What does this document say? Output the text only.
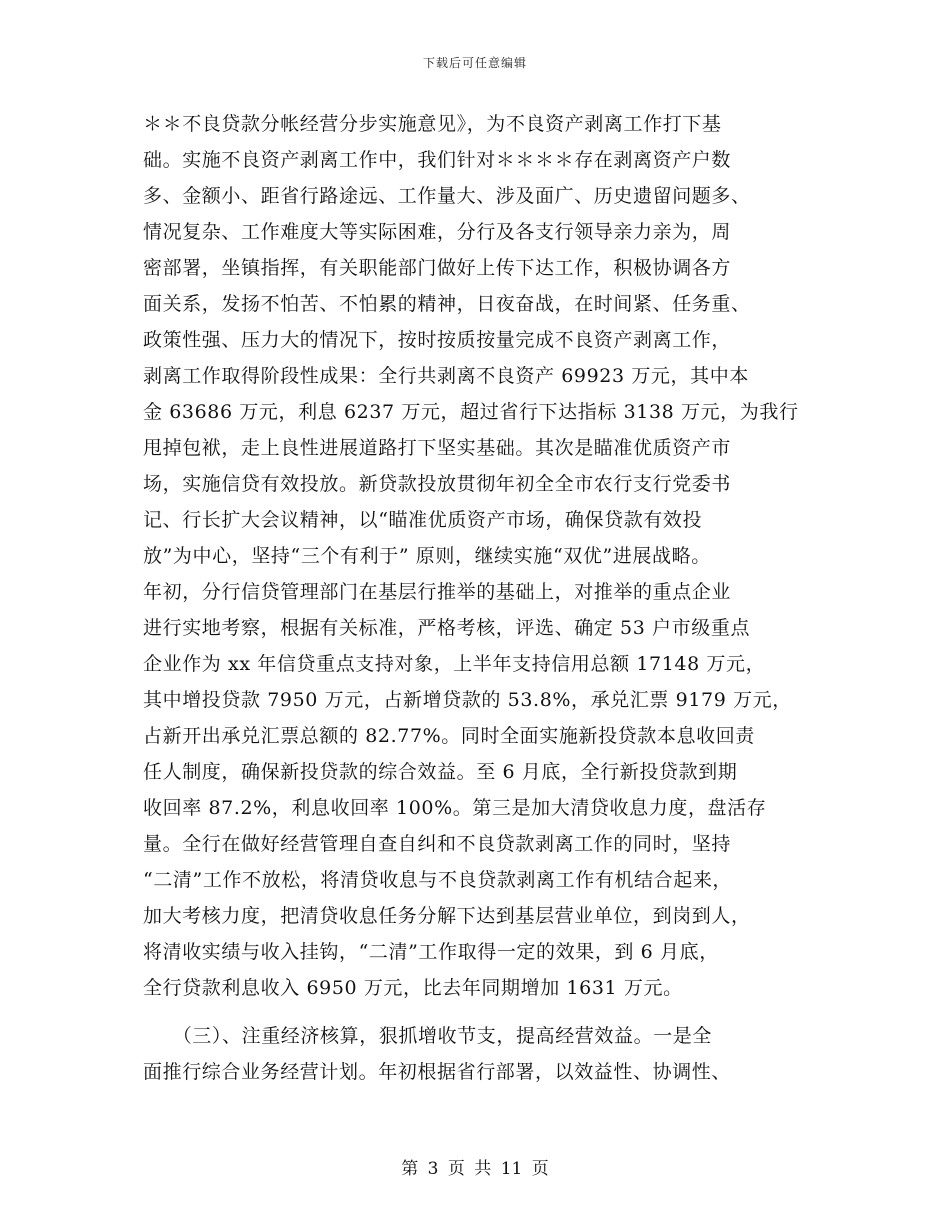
下载后可任意编辑
＊＊不良贷款分帐经营分步实施意见》，为不良资产剥离工作打下基
础。实施不良资产剥离工作中，我们针对＊＊＊＊存在剥离资产户数
多、金额小、距省行路途远、工作量大、涉及面广、历史遗留问题多、
情况复杂、工作难度大等实际困难，分行及各支行领导亲力亲为，周
密部署，坐镇指挥，有关职能部门做好上传下达工作，积极协调各方
面关系，发扬不怕苦、不怕累的精神，日夜奋战，在时间紧、任务重、
政策性强、压力大的情况下，按时按质按量完成不良资产剥离工作，
剥离工作取得阶段性成果：全行共剥离不良资产 69923 万元，其中本
金 63686 万元，利息 6237 万元，超过省行下达指标 3138 万元，为我行
甩掉包袱，走上良性进展道路打下坚实基础。其次是瞄准优质资产市
场，实施信贷有效投放。新贷款投放贯彻年初全全市农行支行党委书
记、行长扩大会议精神，以“瞄准优质资产市场，确保贷款有效投
放”为中心，坚持“三个有利于” 原则，继续实施“双优”进展战略。
年初，分行信贷管理部门在基层行推举的基础上，对推举的重点企业
进行实地考察，根据有关标准，严格考核，评选、确定 53 户市级重点
企业作为 xx 年信贷重点支持对象，上半年支持信用总额 17148 万元，
其中增投贷款 7950 万元，占新增贷款的 53.8%，承兑汇票 9179 万元，
占新开出承兑汇票总额的 82.77%。同时全面实施新投贷款本息收回责
任人制度，确保新投贷款的综合效益。至 6 月底，全行新投贷款到期
收回率 87.2%，利息收回率 100%。第三是加大清贷收息力度，盘活存
量。全行在做好经营管理自查自纠和不良贷款剥离工作的同时，坚持
“二清”工作不放松，将清贷收息与不良贷款剥离工作有机结合起来，
加大考核力度，把清贷收息任务分解下达到基层营业单位，到岗到人，
将清收实绩与收入挂钩，“二清”工作取得一定的效果，到 6 月底，
全行贷款利息收入 6950 万元，比去年同期增加 1631 万元。
　　（三）、注重经济核算，狠抓增收节支，提高经营效益。一是全
面推行综合业务经营计划。年初根据省行部署，以效益性、协调性、
第 3 页 共 11 页
